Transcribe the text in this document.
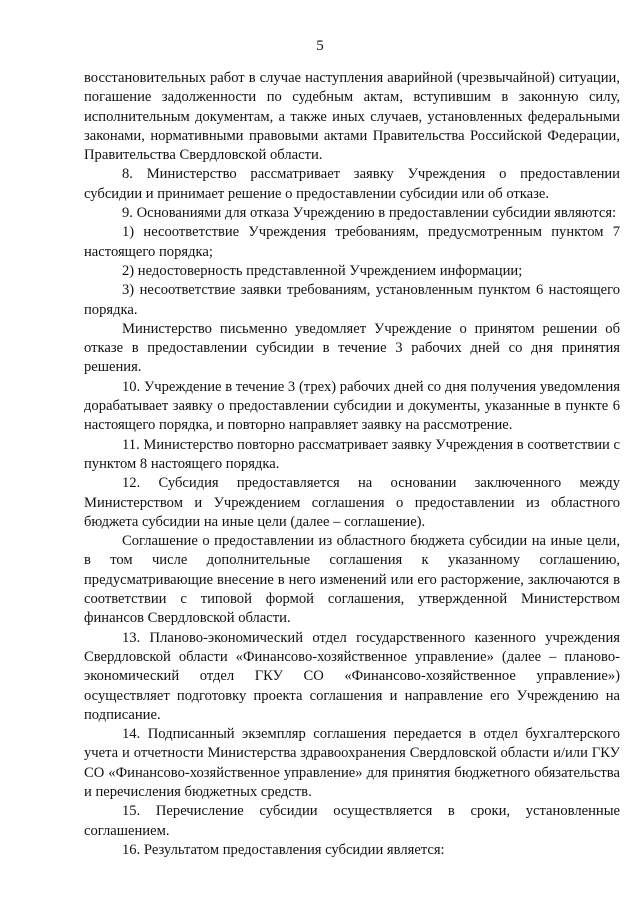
5

восстановительных работ в случае наступления аварийной (чрезвычайной) ситуации, погашение задолженности по судебным актам, вступившим в законную силу, исполнительным документам, а также иных случаев, установленных федеральными законами, нормативными правовыми актами Правительства Российской Федерации, Правительства Свердловской области.

8. Министерство рассматривает заявку Учреждения о предоставлении субсидии и принимает решение о предоставлении субсидии или об отказе.

9. Основаниями для отказа Учреждению в предоставлении субсидии являются:

1) несоответствие Учреждения требованиям, предусмотренным пунктом 7 настоящего порядка;

2) недостоверность представленной Учреждением информации;

3) несоответствие заявки требованиям, установленным пунктом 6 настоящего порядка.

Министерство письменно уведомляет Учреждение о принятом решении об отказе в предоставлении субсидии в течение 3 рабочих дней со дня принятия решения.

10. Учреждение в течение 3 (трех) рабочих дней со дня получения уведомления дорабатывает заявку о предоставлении субсидии и документы, указанные в пункте 6 настоящего порядка, и повторно направляет заявку на рассмотрение.

11. Министерство повторно рассматривает заявку Учреждения в соответствии с пунктом 8 настоящего порядка.

12. Субсидия предоставляется на основании заключенного между Министерством и Учреждением соглашения о предоставлении из областного бюджета субсидии на иные цели (далее – соглашение).

Соглашение о предоставлении из областного бюджета субсидии на иные цели, в том числе дополнительные соглашения к указанному соглашению, предусматривающие внесение в него изменений или его расторжение, заключаются в соответствии с типовой формой соглашения, утвержденной Министерством финансов Свердловской области.

13. Планово-экономический отдел государственного казенного учреждения Свердловской области «Финансово-хозяйственное управление» (далее – планово-экономический отдел ГКУ СО «Финансово-хозяйственное управление») осуществляет подготовку проекта соглашения и направление его Учреждению на подписание.

14. Подписанный экземпляр соглашения передается в отдел бухгалтерского учета и отчетности Министерства здравоохранения Свердловской области и/или ГКУ СО «Финансово-хозяйственное управление» для принятия бюджетного обязательства и перечисления бюджетных средств.

15. Перечисление субсидии осуществляется в сроки, установленные соглашением.

16. Результатом предоставления субсидии является:
